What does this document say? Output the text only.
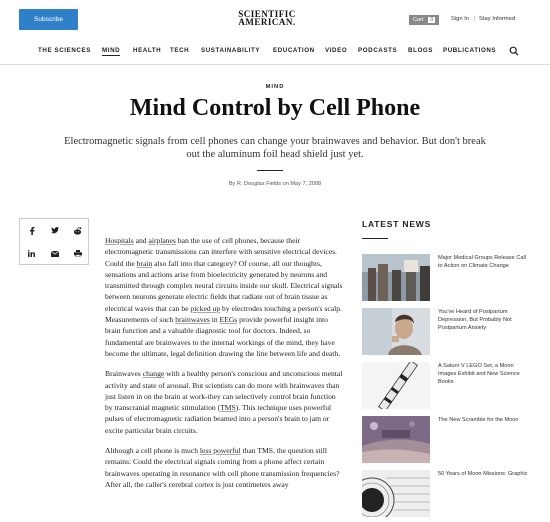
Subscribe
SCIENTIFIC
AMERICAN.	Cart	0	Sign In | Stay Informed
THE SCIENCES MIND HEALTH TECH SUSTAINABILITY EDUCATION VIDEO PODCASTS BLOGS PUBLICATIONS
MIND
Mind Control by Cell Phone

Electromagnetic signals from cell phones can change your brainwaves and behavior. But don't break out the aluminum foil head shield just yet.

By R. Douglas Fields on May 7, 2008

Hospitals and airplanes ban the use of cell phones, because their electromagnetic transmissions can interfere with sensitive electrical devices. Could the brain also fall into that category? Of course, all our thoughts, sensations and actions arise from bioelectricity generated by neurons and transmitted through complex neural circuits inside our skull. Electrical signals between neurons generate electric fields that radiate out of brain tissue as electrical waves that can be picked up by electrodes touching a person's scalp. Measurements of such brainwaves in EEGs provide powerful insight into brain function and a valuable diagnostic tool for doctors. Indeed, so fundamental are brainwaves to the internal workings of the mind, they have become the ultimate, legal definition drawing the line between life and death.

Brainwaves change with a healthy person's conscious and unconscious mental activity and state of arousal. But scientists can do more with brainwaves than just listen in on the brain at work-they can selectively control brain function by transcranial magnetic stimulation (TMS). This technique uses powerful pulses of electromagnetic radiation beamed into a person's brain to jam or excite particular brain circuits.

Although a cell phone is much less powerful than TMS, the question still remains: Could the electrical signals coming from a phone affect certain brainwaves operating in resonance with cell phone transmission frequencies? After all, the caller's cerebral cortex is just centimeters away

LATEST NEWS
Major Medical Groups Release Call to Action on Climate Change
You've Heard of Postpartum Depression, But Probably Not Postpartum Anxiety
A Saturn V LEGO Set, a Moon Images Exhibit and New Science Books
The New Scramble for the Moon
50 Years of Moon Missions: Graphic
